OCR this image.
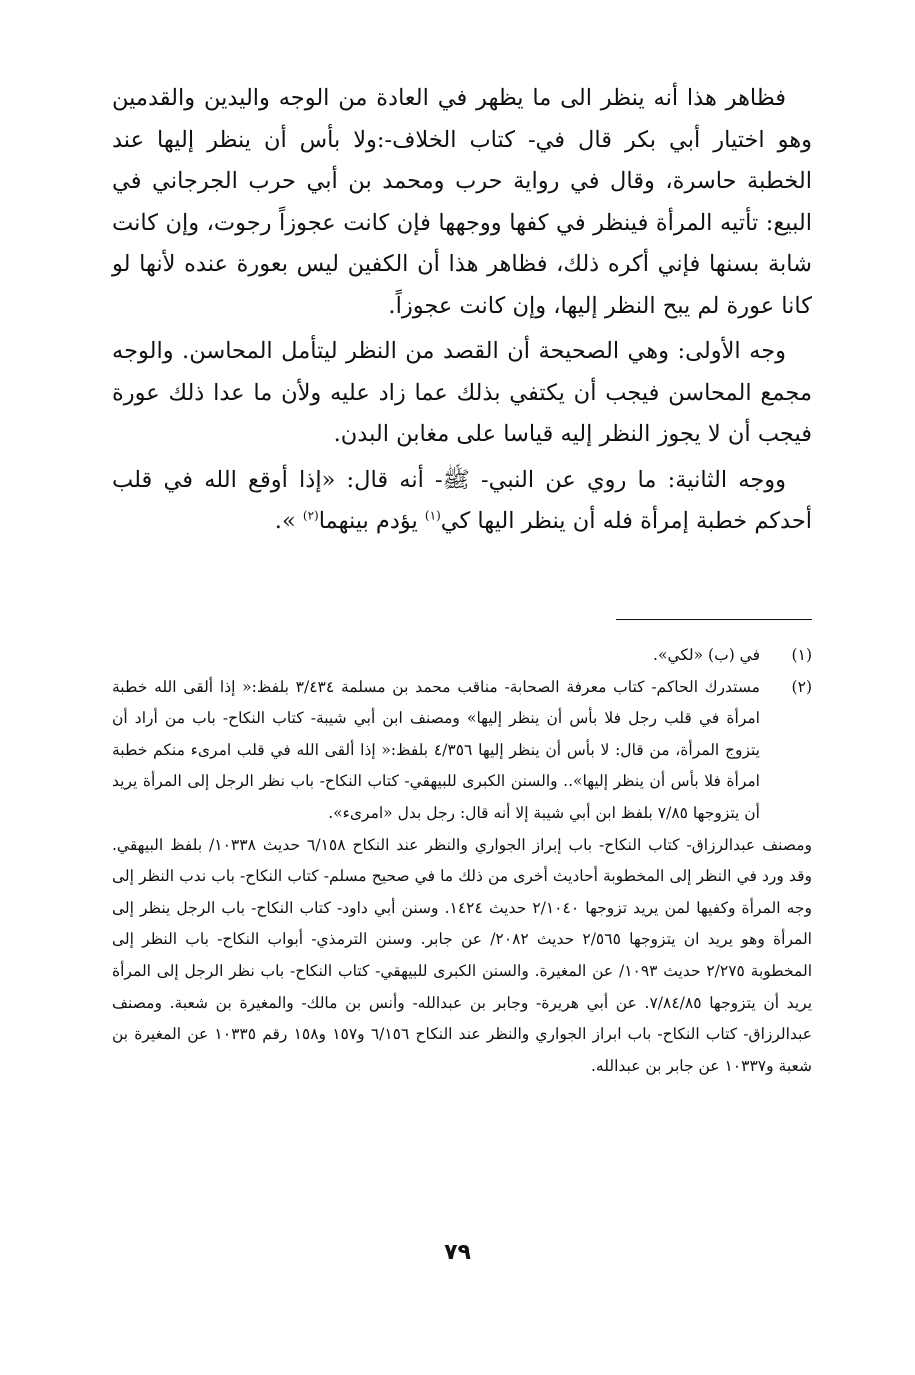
فظاهر هذا أنه ينظر الى ما يظهر في العادة من الوجه واليدين والقدمين وهو اختيار أبي بكر قال في- كتاب الخلاف-:ولا بأس أن ينظر إليها عند الخطبة حاسرة، وقال في رواية حرب ومحمد بن أبي حرب الجرجاني في البيع: تأتيه المرأة فينظر في كفها ووجهها فإن كانت عجوزاً رجوت، وإن كانت شابة بسنها فإني أكره ذلك، فظاهر هذا أن الكفين ليس بعورة عنده لأنها لو كانا عورة لم يبح النظر إليها، وإن كانت عجوزاً.

وجه الأولى: وهي الصحيحة أن القصد من النظر ليتأمل المحاسن. والوجه مجمع المحاسن فيجب أن يكتفي بذلك عما زاد عليه ولأن ما عدا ذلك عورة فيجب أن لا يجوز النظر إليه قياسا على مغابن البدن.

ووجه الثانية: ما روي عن النبي- ﷺ- أنه قال: «إذا أوقع الله في قلب أحدكم خطبة إمرأة فله أن ينظر اليها كي$^{(١)}$ يؤدم بينهما$^{(٢)}$ ».

(١)
في (ب) «لكي».
(٢)
مستدرك الحاكم- كتاب معرفة الصحابة- مناقب محمد بن مسلمة ٣/٤٣٤ بلفظ:« إذا ألقى الله خطبة امرأة في قلب رجل فلا بأس أن ينظر إليها» ومصنف ابن أبي شيبة- كتاب النكاح- باب من أراد أن يتزوج المرأة، من قال: لا بأس أن ينظر إليها ٤/٣٥٦ بلفظ:« إذا ألقى الله في قلب امرىء منكم خطبة امرأة فلا بأس أن ينظر إليها».. والسنن الكبرى للبيهقي- كتاب النكاح- باب نظر الرجل إلى المرأة يريد أن يتزوجها ٧/٨٥ بلفظ ابن أبي شيبة إلا أنه قال: رجل بدل «امرىء».
ومصنف عبدالرزاق- كتاب النكاح- باب إبراز الجواري والنظر عند النكاح ٦/١٥٨ حديث ١٠٣٣٨/ بلفظ البيهقي. وقد ورد في النظر إلى المخطوبة أحاديث أخرى من ذلك ما في صحيح مسلم- كتاب النكاح- باب ندب النظر إلى وجه المرأة وكفيها لمن يريد تزوجها ٢/١٠٤٠ حديث ١٤٢٤. وسنن أبي داود- كتاب النكاح- باب الرجل ينظر إلى المرأة وهو يريد ان يتزوجها ٢/٥٦٥ حديث ٢٠٨٢/ عن جابر. وسنن الترمذي- أبواب النكاح- باب النظر إلى المخطوبة ٢/٢٧٥ حديث ١٠٩٣/ عن المغيرة. والسنن الكبرى للبيهقي- كتاب النكاح- باب نظر الرجل إلى المرأة يريد أن يتزوجها ٧/٨٤/٨٥. عن أبي هريرة- وجابر بن عبدالله- وأنس بن مالك- والمغيرة بن شعبة. ومصنف عبدالرزاق- كتاب النكاح- باب ابراز الجواري والنظر عند النكاح ٦/١٥٦ و١٥٧ و١٥٨ رقم ١٠٣٣٥ عن المغيرة بن شعبة و١٠٣٣٧ عن جابر بن عبدالله.
٧٩
